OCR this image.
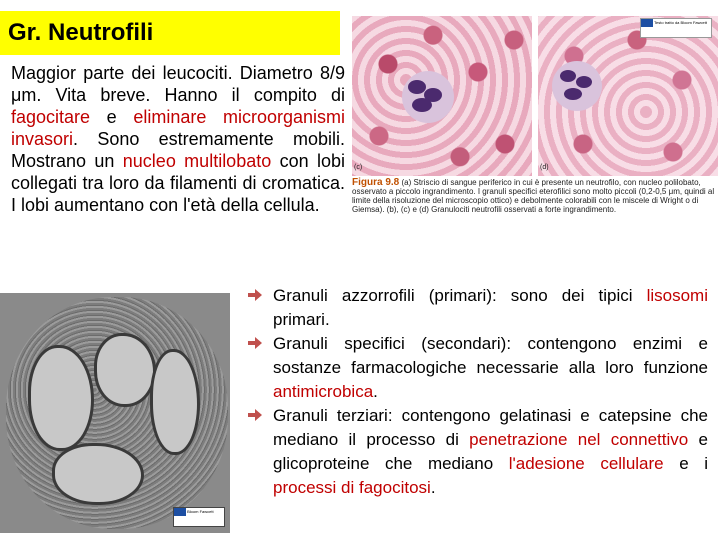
Gr. Neutrofili

Maggior parte dei leucociti. Diametro 8/9 μm. Vita breve. Hanno il compito di fagocitare e eliminare microorganismi invasori. Sono estremamente mobili. Mostrano un nucleo multilobato con lobi collegati tra loro da filamenti di cromatica. I lobi aumentano con l'età della cellula.

(c)
Testo tratto da Bloom Fawcett
(d)
Figura 9.8 (a) Striscio di sangue periferico in cui è presente un neutrofilo, con nucleo polilobato, osservato a piccolo ingrandimento. I granuli specifici eterofilici sono molto piccoli (0,2-0,5 μm, quindi al limite della risoluzione del microscopio ottico) e debolmente colorabili con le miscele di Wright o di Giemsa). (b), (c) e (d) Granulociti neutrofili osservati a forte ingrandimento.
Bloom Fawcett
Granuli azzorrofili (primari): sono dei tipici lisosomi primari.
Granuli specifici (secondari): contengono enzimi e sostanze farmacologiche necessarie alla loro funzione antimicrobica.
Granuli terziari: contengono gelatinasi e catepsine che mediano il processo di penetrazione nel connettivo e glicoproteine che mediano l'adesione cellulare e i processi di fagocitosi.
